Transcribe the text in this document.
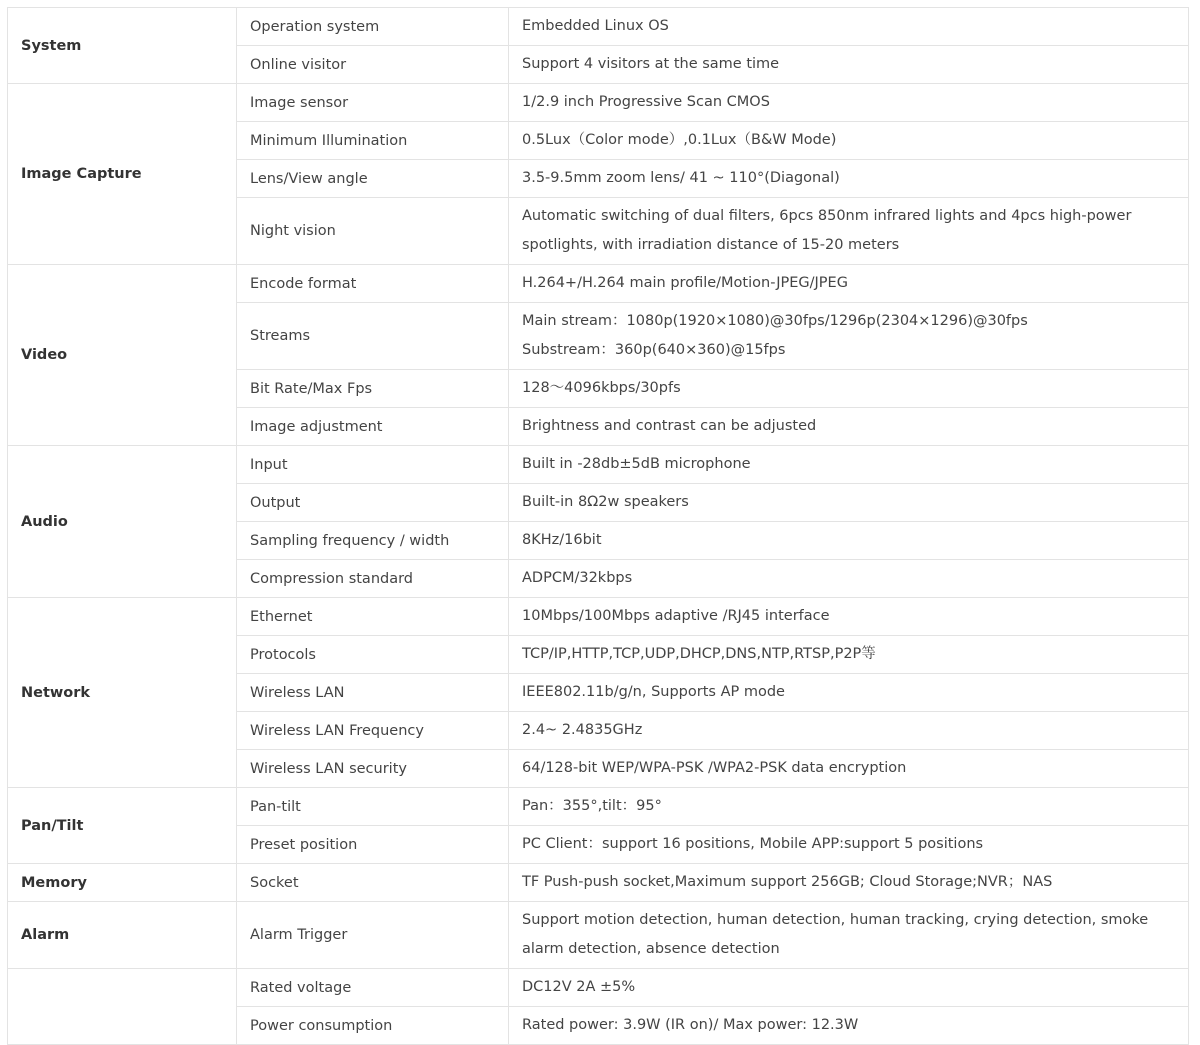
System	Operation system	Embedded Linux OS

	Online visitor	Support 4 visitors at the same time

Image Capture	Image sensor	1/2.9 inch Progressive Scan CMOS

	Minimum Illumination	0.5Lux（Color mode）,0.1Lux（B&W Mode)

	Lens/View angle	3.5-9.5mm zoom lens/ 41 ~ 110°(Diagonal)

	Night vision	Automatic switching of dual filters, 6pcs 850nm infrared lights and 4pcs high-power spotlights, with irradiation distance of 15-20 meters

Video	Encode format	H.264+/H.264 main profile/Motion-JPEG/JPEG

	Streams	Main stream：1080p(1920×1080)@30fps/1296p(2304×1296)@30fps
Substream：360p(640×360)@15fps

	Bit Rate/Max Fps	128～4096kbps/30pfs

	Image adjustment	Brightness and contrast can be adjusted

Audio	Input	Built in -28db±5dB microphone

	Output	Built-in 8Ω2w speakers

	Sampling frequency / width	8KHz/16bit

	Compression standard	ADPCM/32kbps

Network	Ethernet	10Mbps/100Mbps adaptive /RJ45 interface

	Protocols	TCP/IP,HTTP,TCP,UDP,DHCP,DNS,NTP,RTSP,P2P等

	Wireless LAN	IEEE802.11b/g/n, Supports AP mode

	Wireless LAN Frequency	2.4~ 2.4835GHz

	Wireless LAN security	64/128-bit WEP/WPA-PSK /WPA2-PSK data encryption

Pan/Tilt	Pan-tilt	Pan：355°,tilt：95°

	Preset position	PC Client：support 16 positions, Mobile APP:support 5 positions

Memory	Socket	TF Push-push socket,Maximum support 256GB; Cloud Storage;NVR；NAS

Alarm	Alarm Trigger	Support motion detection, human detection, human tracking, crying detection, smoke alarm detection, absence detection

	Rated voltage	DC12V 2A ±5%

	Power consumption	Rated power: 3.9W (IR on)/ Max power: 12.3W
